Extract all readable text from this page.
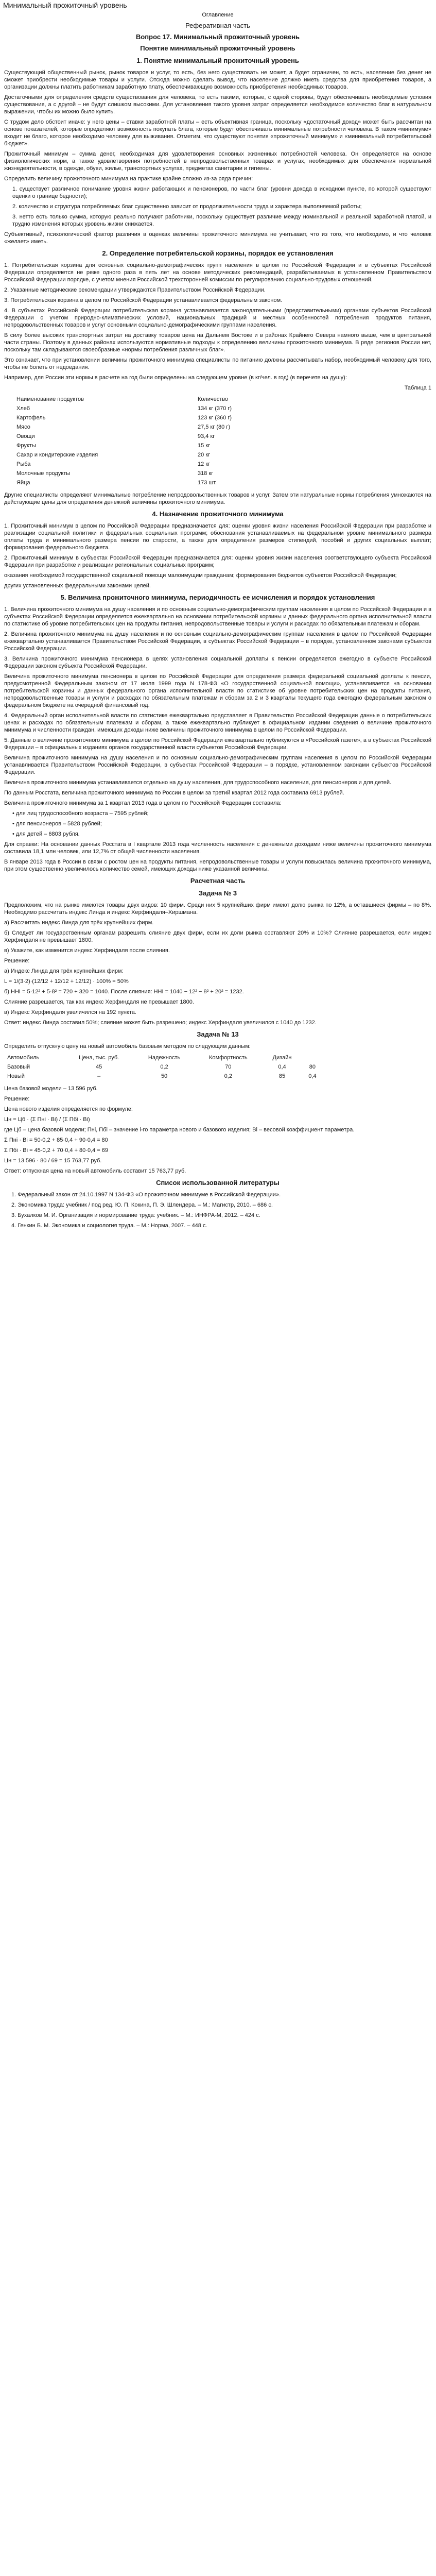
Минимальный прожиточный уровень

Оглавление

Реферативная часть

Вопрос 17. Минимальный прожиточный уровень

Понятие минимальный прожиточный уровень

1. Понятие минимальный прожиточный уровень

Существующий общественный рынок, рынок товаров и услуг, то есть, без него существовать не может, а будет ограничен, то есть, население без денег не сможет приобрести необходимые товары и услуги. Отсюда можно сделать вывод, что население должно иметь средства для приобретения товаров, а организации должны платить работникам заработную плату, обеспечивающую возможность приобретения необходимых товаров.

Достаточными для определения средств существования для человека, то есть такими, которые, с одной стороны, будут обеспечивать необходимые условия существования, а с другой – не будут слишком высокими. Для установления такого уровня затрат определяется необходимое количество благ в натуральном выражении, чтобы их можно было купить.

С трудом дело обстоит иначе: у него цены – ставки заработной платы – есть объективная граница, поскольку «достаточный доход» может быть рассчитан на основе показателей, которые определяют возможность покупать блага, которые будут обеспечивать минимальные потребности человека. В таком «минимуме» входит не благо, которое необходимо человеку для выживания. Отметим, что существуют понятия «прожиточный минимум» и «минимальный потребительский бюджет».

Прожиточный минимум – сумма денег, необходимая для удовлетворения основных жизненных потребностей человека. Он определяется на основе физиологических норм, а также удовлетворения потребностей в непродовольственных товарах и услугах, необходимых для обеспечения нормальной жизнедеятельности, в одежде, обуви, жилье, транспортных услугах, предметах санитарии и гигиены.

Определить величину прожиточного минимума на практике крайне сложно из-за ряда причин:

1. существует различное понимание уровня жизни работающих и пенсионеров, по части благ (уровни дохода в исходном пункте, по которой существуют оценки о границе бедности);

2. количество и структура потребляемых благ существенно зависит от продолжительности труда и характера выполняемой работы;

3. нетто есть только сумма, которую реально получают работники, поскольку существует различие между номинальной и реальной заработной платой, и трудно изменения которых уровень жизни снижается.

Субъективный, психологический фактор различия в оценках величины прожиточного минимума не учитывает, что из того, что необходимо, и что человек «желает» иметь.

2. Определение потребительской корзины, порядок ее установления

1. Потребительская корзина для основных социально-демографических групп населения в целом по Российской Федерации и в субъектах Российской Федерации определяется не реже одного раза в пять лет на основе методических рекомендаций, разрабатываемых в установленном Правительством Российской Федерации порядке, с учетом мнения Российской трехсторонней комиссии по регулированию социально-трудовых отношений.

2. Указанные методические рекомендации утверждаются Правительством Российской Федерации.

3. Потребительская корзина в целом по Российской Федерации устанавливается федеральным законом.

4. В субъектах Российской Федерации потребительская корзина устанавливается законодательными (представительными) органами субъектов Российской Федерации с учетом природно-климатических условий, национальных традиций и местных особенностей потребления продуктов питания, непродовольственных товаров и услуг основными социально-демографическими группами населения.

В силу более высоких транспортных затрат на доставку товаров цена на Дальнем Востоке и в районах Крайнего Севера намного выше, чем в центральной части страны. Поэтому в данных районах используются нормативные подходы к определению величины прожиточного минимума. В ряде регионов России нет, поскольку там складываются своеобразные «нормы потребления различных благ».

Это означает, что при установлении величины прожиточного минимума специалисты по питанию должны рассчитывать набор, необходимый человеку для того, чтобы не болеть от недоедания.

Например, для России эти нормы в расчете на год были определены на следующем уровне (в кг/чел. в год) (в перечете на душу):

Таблица 1

Наименование продуктов	Количество
Хлеб	134 кг (370 г)
Картофель	123 кг (360 г)
Мясо	27,5 кг (80 г)
Овощи	93,4 кг
Фрукты	15 кг
Сахар и кондитерские изделия	20 кг
Рыба	12 кг
Молочные продукты	318 кг
Яйца	173 шт.

Другие специалисты определяют минимальные потребление непродовольственных товаров и услуг. Затем эти натуральные нормы потребления умножаются на действующие цены для определения денежной величины прожиточного минимума.

4. Назначение прожиточного минимума

1. Прожиточный минимум в целом по Российской Федерации предназначается для: оценки уровня жизни населения Российской Федерации при разработке и реализации социальной политики и федеральных социальных программ; обоснования устанавливаемых на федеральном уровне минимального размера оплаты труда и минимального размера пенсии по старости, а также для определения размеров стипендий, пособий и других социальных выплат; формирования федерального бюджета.

2. Прожиточный минимум в субъектах Российской Федерации предназначается для: оценки уровня жизни населения соответствующего субъекта Российской Федерации при разработке и реализации региональных социальных программ;

оказания необходимой государственной социальной помощи малоимущим гражданам; формирования бюджетов субъектов Российской Федерации;

других установленных федеральными законами целей.

5. Величина прожиточного минимума, периодичность ее исчисления и порядок установления

1. Величина прожиточного минимума на душу населения и по основным социально-демографическим группам населения в целом по Российской Федерации и в субъектах Российской Федерации определяется ежеквартально на основании потребительской корзины и данных федерального органа исполнительной власти по статистике об уровне потребительских цен на продукты питания, непродовольственные товары и услуги и расходах по обязательным платежам и сборам.

2. Величина прожиточного минимума на душу населения и по основным социально-демографическим группам населения в целом по Российской Федерации ежеквартально устанавливается Правительством Российской Федерации, в субъектах Российской Федерации – в порядке, установленном законами субъектов Российской Федерации.

3. Величина прожиточного минимума пенсионера в целях установления социальной доплаты к пенсии определяется ежегодно в субъекте Российской Федерации законом субъекта Российской Федерации.

Величина прожиточного минимума пенсионера в целом по Российской Федерации для определения размера федеральной социальной доплаты к пенсии, предусмотренной Федеральным законом от 17 июля 1999 года N 178-ФЗ «О государственной социальной помощи», устанавливается на основании потребительской корзины и данных федерального органа исполнительной власти по статистике об уровне потребительских цен на продукты питания, непродовольственные товары и услуги и расходах по обязательным платежам и сборам за 2 и 3 кварталы текущего года ежегодно федеральным законом о федеральном бюджете на очередной финансовый год.

4. Федеральный орган исполнительной власти по статистике ежеквартально представляет в Правительство Российской Федерации данные о потребительских ценах и расходах по обязательным платежам и сборам, а также ежеквартально публикует в официальном издании сведения о величине прожиточного минимума и численности граждан, имеющих доходы ниже величины прожиточного минимума в целом по Российской Федерации.

5. Данные о величине прожиточного минимума в целом по Российской Федерации ежеквартально публикуются в «Российской газете», а в субъектах Российской Федерации – в официальных изданиях органов государственной власти субъектов Российской Федерации.

Величина прожиточного минимума на душу населения и по основным социально-демографическим группам населения в целом по Российской Федерации устанавливается Правительством Российской Федерации, в субъектах Российской Федерации – в порядке, установленном законами субъектов Российской Федерации.

Величина прожиточного минимума устанавливается отдельно на душу населения, для трудоспособного населения, для пенсионеров и для детей.

По данным Росстата, величина прожиточного минимума по России в целом за третий квартал 2012 года составила 6913 рублей.

Величина прожиточного минимума за 1 квартал 2013 года в целом по Российской Федерации составила:

• для лиц трудоспособного возраста – 7595 рублей;

• для пенсионеров – 5828 рублей;

• для детей – 6803 рубля.

Для справки: На основании данных Росстата в I квартале 2013 года численность населения с денежными доходами ниже величины прожиточного минимума составила 18,1 млн человек, или 12,7% от общей численности населения.

В январе 2013 года в России в связи с ростом цен на продукты питания, непродовольственные товары и услуги повысилась величина прожиточного минимума, при этом существенно увеличилось количество семей, имеющих доходы ниже указанной величины.

Расчетная часть
Задача № 3

Предположим, что на рынке имеются товары двух видов: 10 фирм. Среди них 5 крупнейших фирм имеют долю рынка по 12%, а оставшиеся фирмы – по 8%. Необходимо рассчитать индекс Линда и индекс Херфиндаля–Хиршмана.

а) Рассчитать индекс Линда для трёх крупнейших фирм.

б) Следует ли государственным органам разрешить слияние двух фирм, если их доли рынка составляют 20% и 10%? Слияние разрешается, если индекс Херфиндаля не превышает 1800.

в) Укажите, как изменится индекс Херфиндаля после слияния.

Решение:

а) Индекс Линда для трёх крупнейших фирм:

L = 1/(3·2)·(12/12 + 12/12 + 12/12) · 100% = 50%

б) HHI = 5·12² + 5·8² = 720 + 320 = 1040. После слияния: HHI = 1040 − 12² − 8² + 20² = 1232.

Слияние разрешается, так как индекс Херфиндаля не превышает 1800.

в) Индекс Херфиндаля увеличился на 192 пункта.

Ответ: индекс Линда составил 50%; слияние может быть разрешено; индекс Херфиндаля увеличился с 1040 до 1232.

Задача № 13

Определить отпускную цену на новый автомобиль базовым методом по следующим данным:

Автомобиль	Цена, тыс. руб.	Надежность	Комфортность	Дизайн	
Базовый	45	0,2	70	0,4	80
Новый	–	50	0,2	85	0,4

Цена базовой модели – 13 596 руб.

Решение:

Цена нового изделия определяется по формуле:

Цн = Цб · (Σ Пнi · Вi) / (Σ Пбi · Вi)

где Цб – цена базовой модели; Пнi, Пбi – значение i-го параметра нового и базового изделия; Вi – весовой коэффициент параметра.

Σ Пнi · Вi = 50·0,2 + 85·0,4 + 90·0,4 = 80

Σ Пбi · Вi = 45·0,2 + 70·0,4 + 80·0,4 = 69

Цн = 13 596 · 80 / 69 = 15 763,77 руб.

Ответ: отпускная цена на новый автомобиль составит 15 763,77 руб.

Список использованной литературы

1. Федеральный закон от 24.10.1997 N 134-ФЗ «О прожиточном минимуме в Российской Федерации».

2. Экономика труда: учебник / под ред. Ю. П. Кокина, П. Э. Шлендера. – М.: Магистр, 2010. – 686 с.

3. Бухалков М. И. Организация и нормирование труда: учебник. – М.: ИНФРА-М, 2012. – 424 с.

4. Генкин Б. М. Экономика и социология труда. – М.: Норма, 2007. – 448 с.
